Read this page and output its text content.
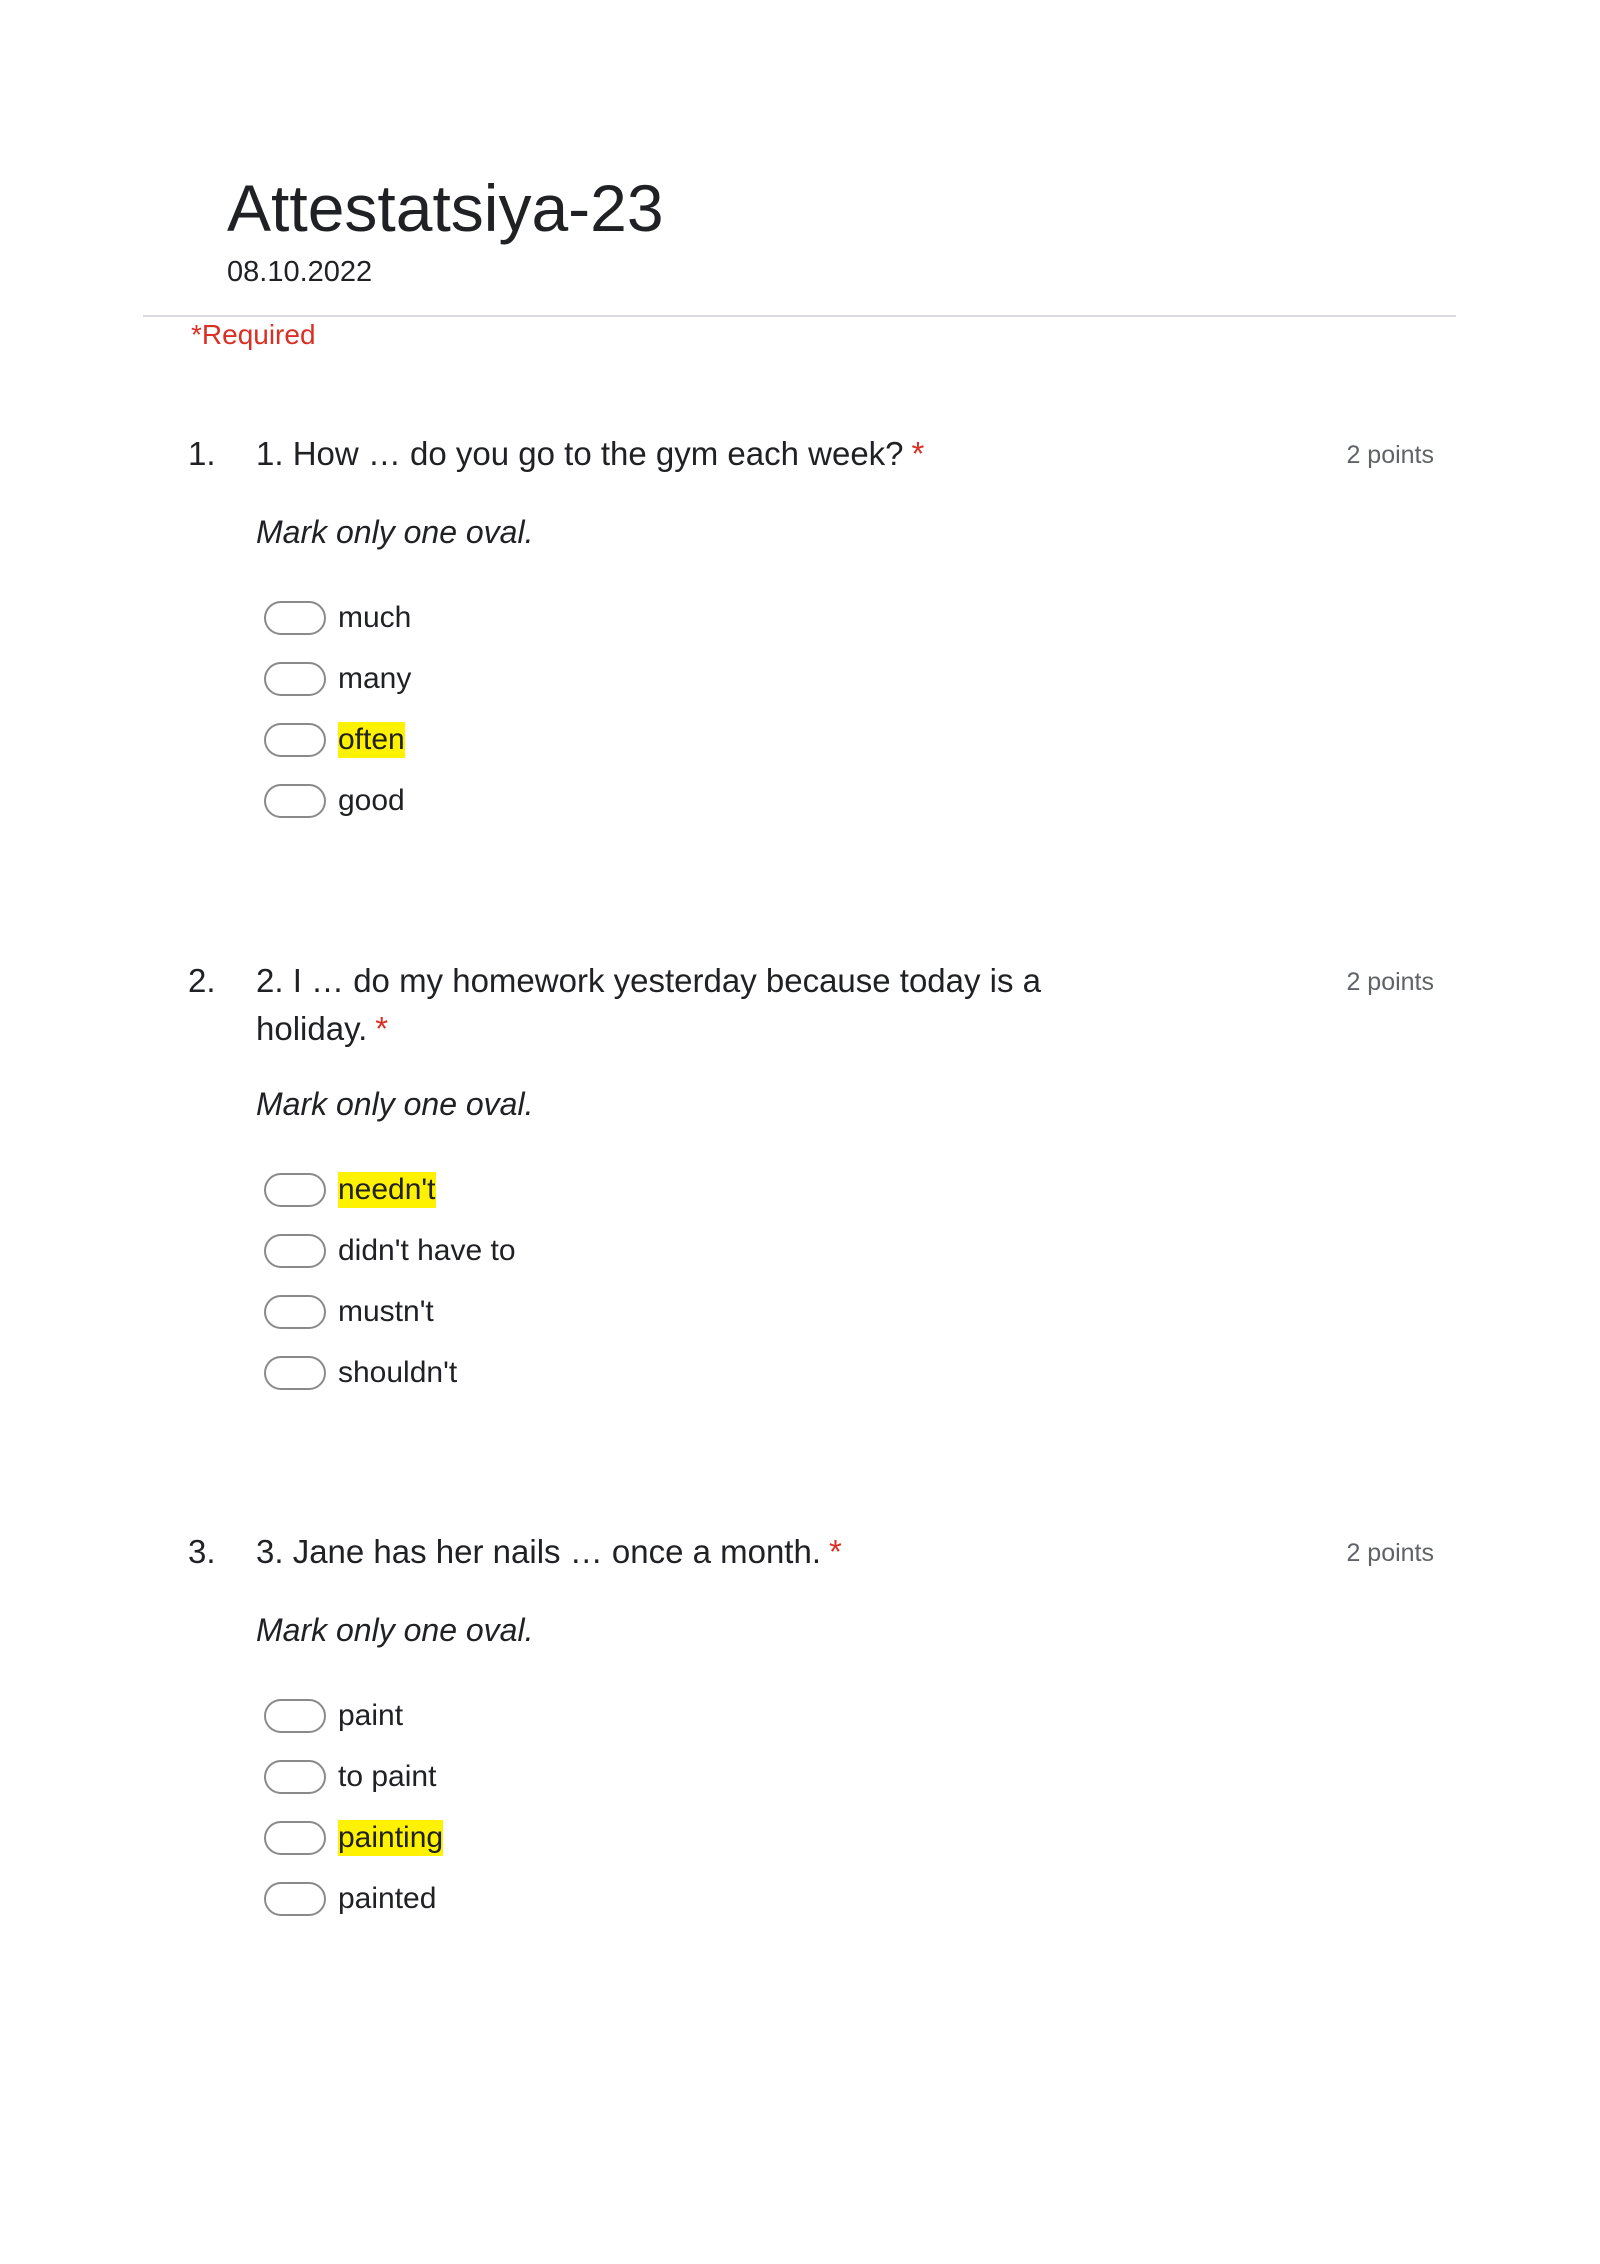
Attestatsiya-23
08.10.2022
*Required
1. 1. How … do you go to the gym each week? *	2 points
Mark only one oval.
much
many
often
good
2. 2. I … do my homework yesterday because today is a holiday. *

2 points
Mark only one oval.
needn't
didn't have to
mustn't
shouldn't
3. 3. Jane has her nails … once a month. *	2 points
Mark only one oval.
paint
to paint
painting
painted
